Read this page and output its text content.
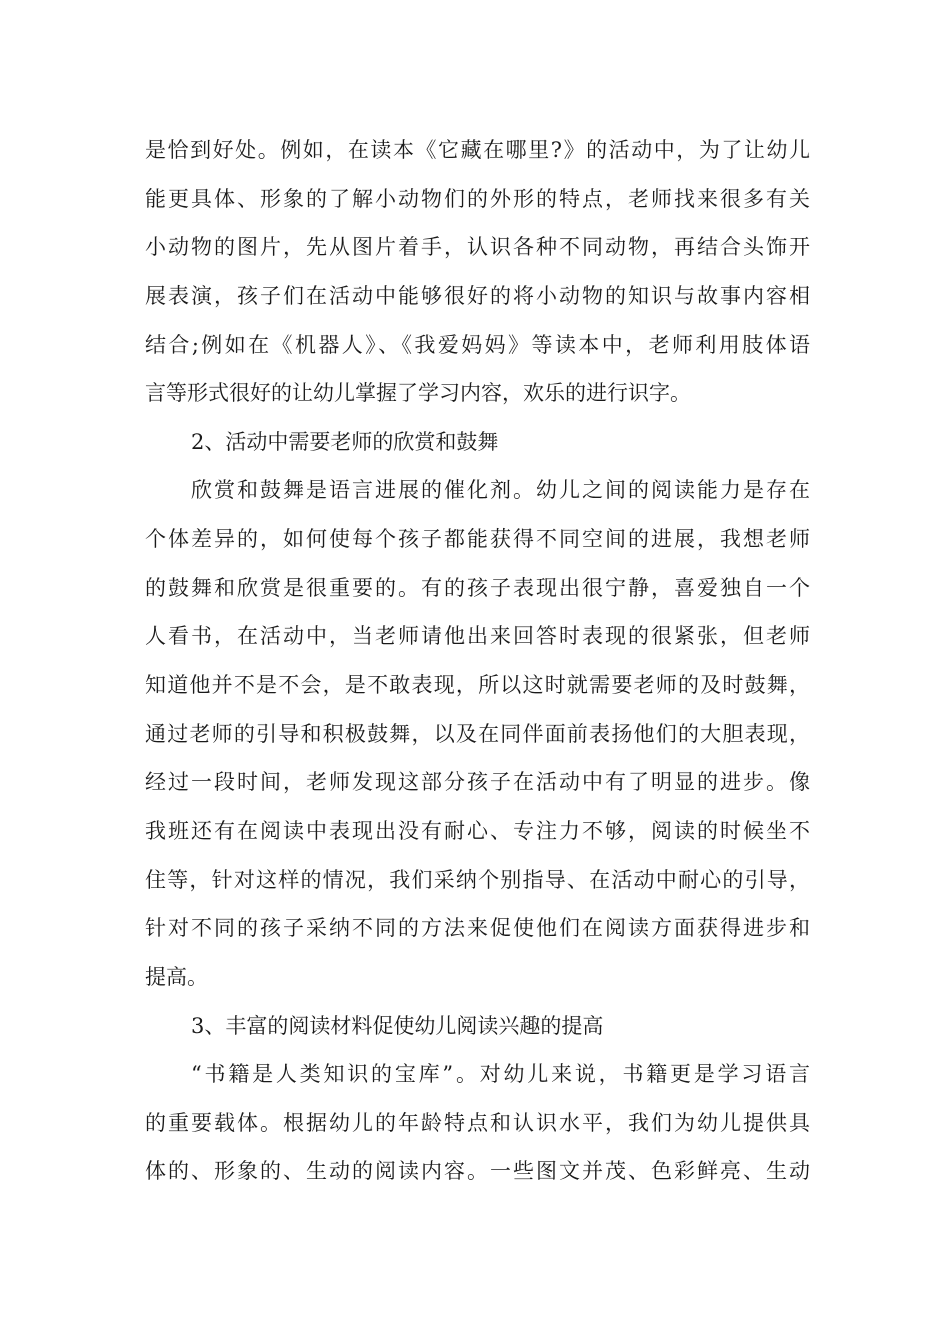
是恰到好处。例如，在读本《它藏在哪里?》的活动中，为了让幼儿
能更具体、形象的了解小动物们的外形的特点，老师找来很多有关
小动物的图片，先从图片着手，认识各种不同动物，再结合头饰开
展表演，孩子们在活动中能够很好的将小动物的知识与故事内容相
结合;例如在《机器人》、《我爱妈妈》等读本中，老师利用肢体语
言等形式很好的让幼儿掌握了学习内容，欢乐的进行识字。
2、活动中需要老师的欣赏和鼓舞
欣赏和鼓舞是语言进展的催化剂。幼儿之间的阅读能力是存在
个体差异的，如何使每个孩子都能获得不同空间的进展，我想老师
的鼓舞和欣赏是很重要的。有的孩子表现出很宁静，喜爱独自一个
人看书，在活动中，当老师请他出来回答时表现的很紧张，但老师
知道他并不是不会，是不敢表现，所以这时就需要老师的及时鼓舞，
通过老师的引导和积极鼓舞，以及在同伴面前表扬他们的大胆表现，
经过一段时间，老师发现这部分孩子在活动中有了明显的进步。像
我班还有在阅读中表现出没有耐心、专注力不够，阅读的时候坐不
住等，针对这样的情况，我们采纳个别指导、在活动中耐心的引导，
针对不同的孩子采纳不同的方法来促使他们在阅读方面获得进步和
提高。
3、丰富的阅读材料促使幼儿阅读兴趣的提高
“书籍是人类知识的宝库”。对幼儿来说，书籍更是学习语言
的重要载体。根据幼儿的年龄特点和认识水平，我们为幼儿提供具
体的、形象的、生动的阅读内容。一些图文并茂、色彩鲜亮、生动
